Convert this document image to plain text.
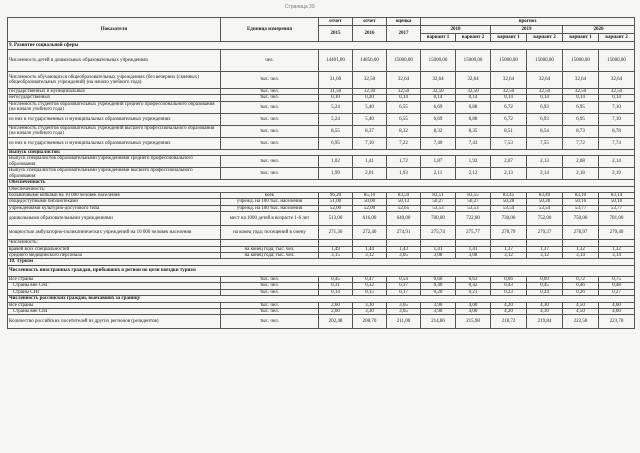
Страница 39
Показатели	Единица измерения	отчет	отчет	оценка	прогноз					
		2015	2016	2017	2018		2019		2020	
					вариант 1	вариант 2	вариант 1	вариант 2	вариант 1	вариант 2
9. Развитие социальной сферы										
Численность детей в дошкольных образовательных учреждениях	чел.	14401,00	14856,00	15000,00	15000,00	15000,00	15000,00	15000,00	15000,00	15000,00
Численность обучающихся общеобразовательных учреждениях (без вечерних (сменных) общеобразовательных учреждений) (на начало учебного года)	тыс. чел.	31,60	32,50	32,64	32,64	32,64	32,64	32,64	32,64	32,64
государственных и муниципальных	тыс. чел.	31,50	32,30	32,50	32,50	32,50	32,50	32,50	32,50	32,50
негосударственных	тыс. чел.	0,10	0,20	0,14	0,14	0,14	0,14	0,14	0,14	0,14
Численность студентов образовательных учреждений среднего профессионального образования (на начало учебного года)	тыс. чел.	5,24	5,40	6,55	6,69	6,88	6,72	6,93	6,95	7,10
из них в государственных и муниципальных образовательных учреждениях	тыс. чел.	5,24	5,40	6,55	6,69	6,88	6,72	6,93	6,95	7,10
Численность студентов образовательных учреждений высшего профессионального образования (на начало учебного года)	тыс. чел.	8,55	8,37	8,32	8,32	8,35	8,51	8,54	8,73	8,78
из них в государственных и муниципальных образовательных учреждениях	тыс. чел.	6,95	7,10	7,22	7,40	7,43	7,53	7,55	7,72	7,74
Выпуск специалистов:										
Выпуск специалистов образовательными учреждениями среднего профессионального образования	тыс. чел.	1,02	1,41	1,72	1,87	1,92	2,07	2,13	2,08	2,14
Выпуск специалистов образовательными учреждениями высшего профессионального образования	тыс. чел.	1,99	2,01	1,93	2,11	2,12	2,13	2,14	2,18	2,19
Обеспеченность										
Обеспеченность:										
больничными койками на 10 000 человек населения	коек	96,20	85,10	83,59	83,51	83,55	83,45	83,49	83,10	83,14
общедоступными библиотеками	учрежд. на 100 тыс. населения	51,00	50,00	50,13	50,27	50,27	50,28	50,28	50,16	50,16
учреждениями культурно-досугового типа	учрежд. на 100 тыс. населения	52,00	52,00	52,65	53,53	53,53	53,54	53,54	53,77	53,77
дошкольными образовательными учреждениями	мест на 1000 детей в возрасте 1-6 лет	513,00	616,00	640,00	700,00	722,00	730,00	752,00	750,00	781,00
мощностью амбулаторно-поликлинических учреждений на 10 000 человек населения	на конец года; посещений в смену	271,30	272,40	274,91	275,74	275,77	278,79	279,37	278,97	279,40
Численность:										
врачей всех специальностей	на конец года; тыс. чел.	1,49	1,44	1,43	1,41	1,41	1,37	1,37	1,32	1,32
среднего медицинского персонала	на конец года; тыс. чел.	3,15	3,12	3,05	3,08	3,08	3,12	3,12	3,14	3,14
10. Туризм										
Численность иностранных граждан, прибывших в регион по цели поездки туризм										
Все страны	тыс. чел.	0,45	0,47	0,54	0,60	0,63	0,66	0,69	0,72	0,75
Страны вне СНГ	тыс. чел.	0,31	0,32	0,37	0,40	0,42	0,43	0,45	0,46	0,48
Страны СНГ	тыс. чел.	0,14	0,15	0,17	0,20	0,21	0,23	0,24	0,26	0,27
Численность российских граждан, выехавших за границу										
Все страны	тыс. чел.	2,60	3,30	3,65	3,90	4,00	4,20	4,30	4,50	4,60
Страны вне СНГ	тыс. чел.	2,60	3,30	3,65	3,90	4,00	4,20	4,30	4,50	4,60
Количество российских посетителей из других регионов (резидентов)	тыс. чел.	202,48	208,70	211,00	214,86	215,98	218,72	219,84	222,58	223,70
